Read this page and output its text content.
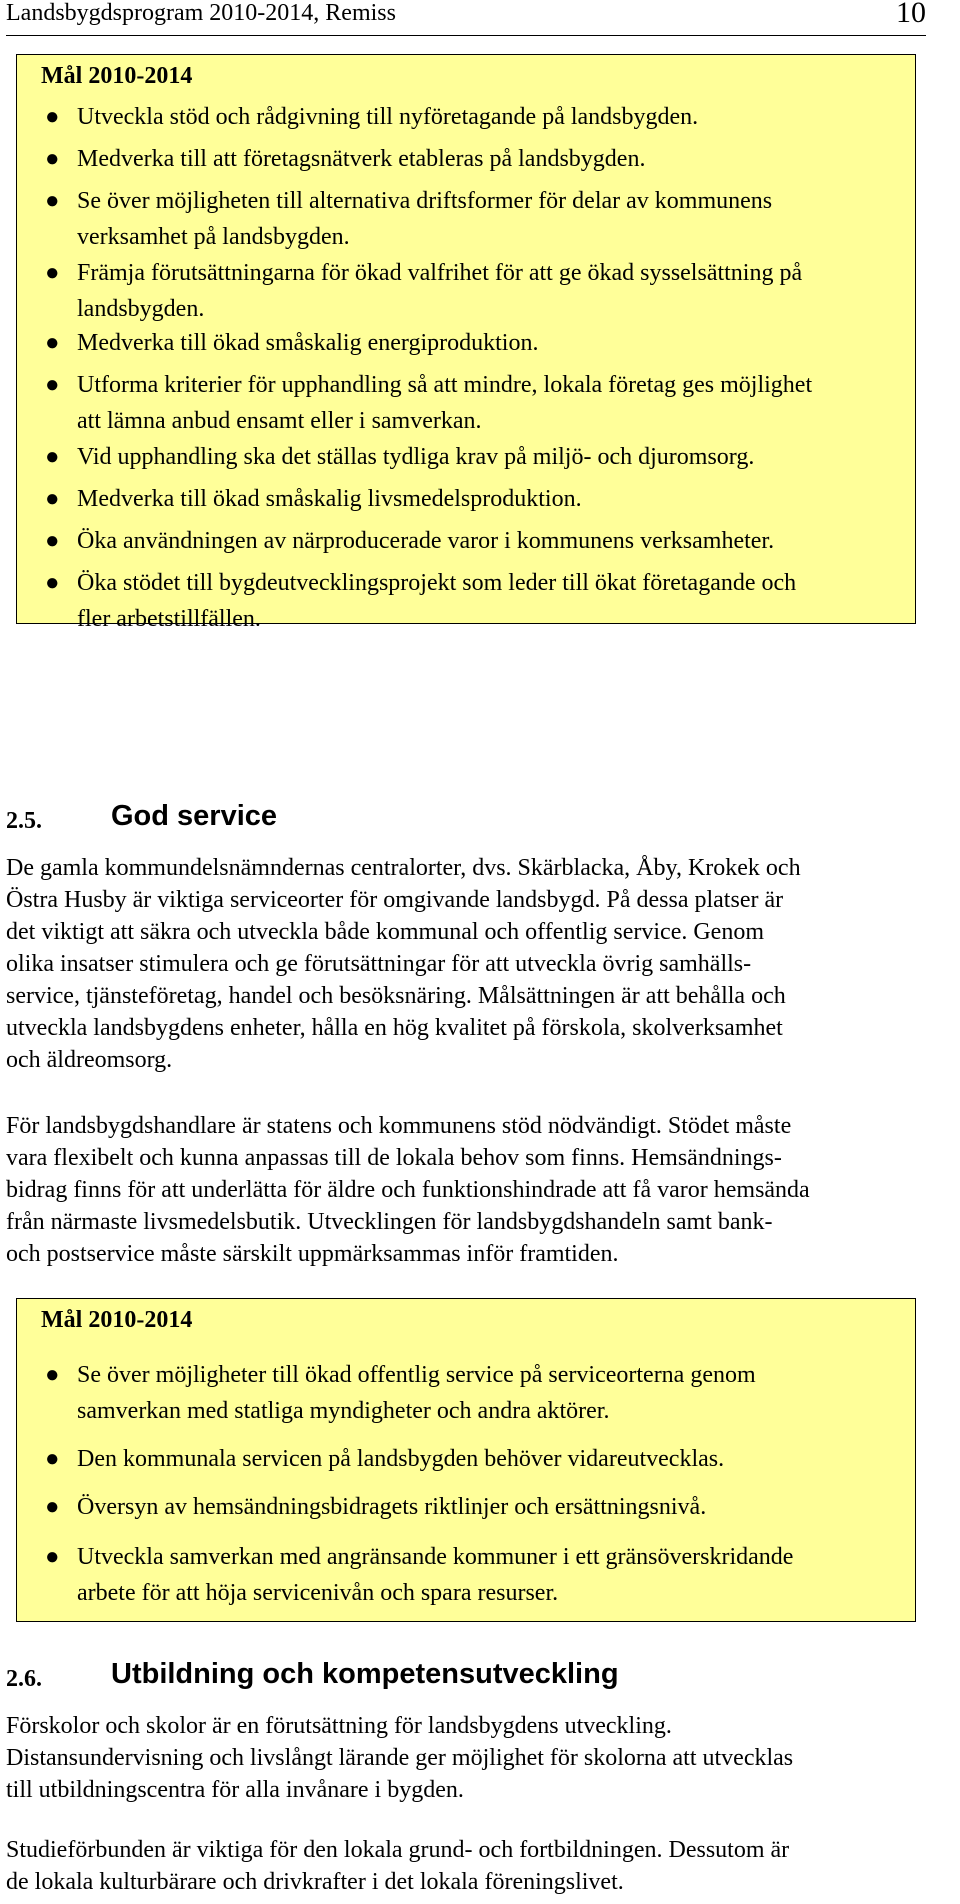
Landsbygdsprogram 2010-2014, Remiss	10
Mål 2010-2014
● Utveckla stöd och rådgivning till nyföretagande på landsbygden.
● Medverka till att företagsnätverk etableras på landsbygden.
● Se över möjligheten till alternativa driftsformer för delar av kommunens
verksamhet på landsbygden.
● Främja förutsättningarna för ökad valfrihet för att ge ökad sysselsättning på
landsbygden.
● Medverka till ökad småskalig energiproduktion.
● Utforma kriterier för upphandling så att mindre, lokala företag ges möjlighet
att lämna anbud ensamt eller i samverkan.
● Vid upphandling ska det ställas tydliga krav på miljö- och djuromsorg.
● Medverka till ökad småskalig livsmedelsproduktion.
● Öka användningen av närproducerade varor i kommunens verksamheter.
● Öka stödet till bygdeutvecklingsprojekt som leder till ökat företagande och
fler arbetstillfällen.
2.5. God service

De gamla kommundelsnämndernas centralorter, dvs. Skärblacka, Åby, Krokek och
Östra Husby är viktiga serviceorter för omgivande landsbygd. På dessa platser är
det viktigt att säkra och utveckla både kommunal och offentlig service. Genom
olika insatser stimulera och ge förutsättningar för att utveckla övrig samhälls-
service, tjänsteföretag, handel och besöksnäring. Målsättningen är att behålla och
utveckla landsbygdens enheter, hålla en hög kvalitet på förskola, skolverksamhet
och äldreomsorg.

För landsbygdshandlare är statens och kommunens stöd nödvändigt. Stödet måste
vara flexibelt och kunna anpassas till de lokala behov som finns. Hemsändnings-
bidrag finns för att underlätta för äldre och funktionshindrade att få varor hemsända
från närmaste livsmedelsbutik. Utvecklingen för landsbygdshandeln samt bank-
och postservice måste särskilt uppmärksammas inför framtiden.

Mål 2010-2014
● Se över möjligheter till ökad offentlig service på serviceorterna genom
samverkan med statliga myndigheter och andra aktörer.
● Den kommunala servicen på landsbygden behöver vidareutvecklas.
● Översyn av hemsändningsbidragets riktlinjer och ersättningsnivå.
● Utveckla samverkan med angränsande kommuner i ett gränsöverskridande
arbete för att höja servicenivån och spara resurser.
2.6. Utbildning och kompetensutveckling

Förskolor och skolor är en förutsättning för landsbygdens utveckling.
Distansundervisning och livslångt lärande ger möjlighet för skolorna att utvecklas
till utbildningscentra för alla invånare i bygden.

Studieförbunden är viktiga för den lokala grund- och fortbildningen. Dessutom är
de lokala kulturbärare och drivkrafter i det lokala föreningslivet.
